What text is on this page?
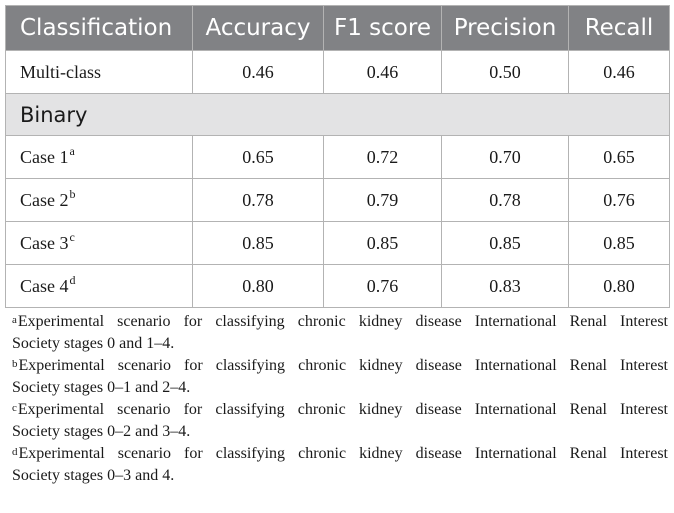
Classification	Accuracy	F1 score	Precision	Recall
Multi-class	0.46	0.46	0.50	0.46
Binary				
Case 1$^a$	0.65	0.72	0.70	0.65
Case 2$^b$	0.78	0.79	0.78	0.76
Case 3$^c$	0.85	0.85	0.85	0.85
Case 4$^d$	0.80	0.76	0.83	0.80

$^a$Experimental scenario for classifying chronic kidney disease International Renal Interest
Society stages 0 and 1–4.

$^b$Experimental scenario for classifying chronic kidney disease International Renal Interest
Society stages 0–1 and 2–4.

$^c$Experimental scenario for classifying chronic kidney disease International Renal Interest
Society stages 0–2 and 3–4.

$^d$Experimental scenario for classifying chronic kidney disease International Renal Interest
Society stages 0–3 and 4.
